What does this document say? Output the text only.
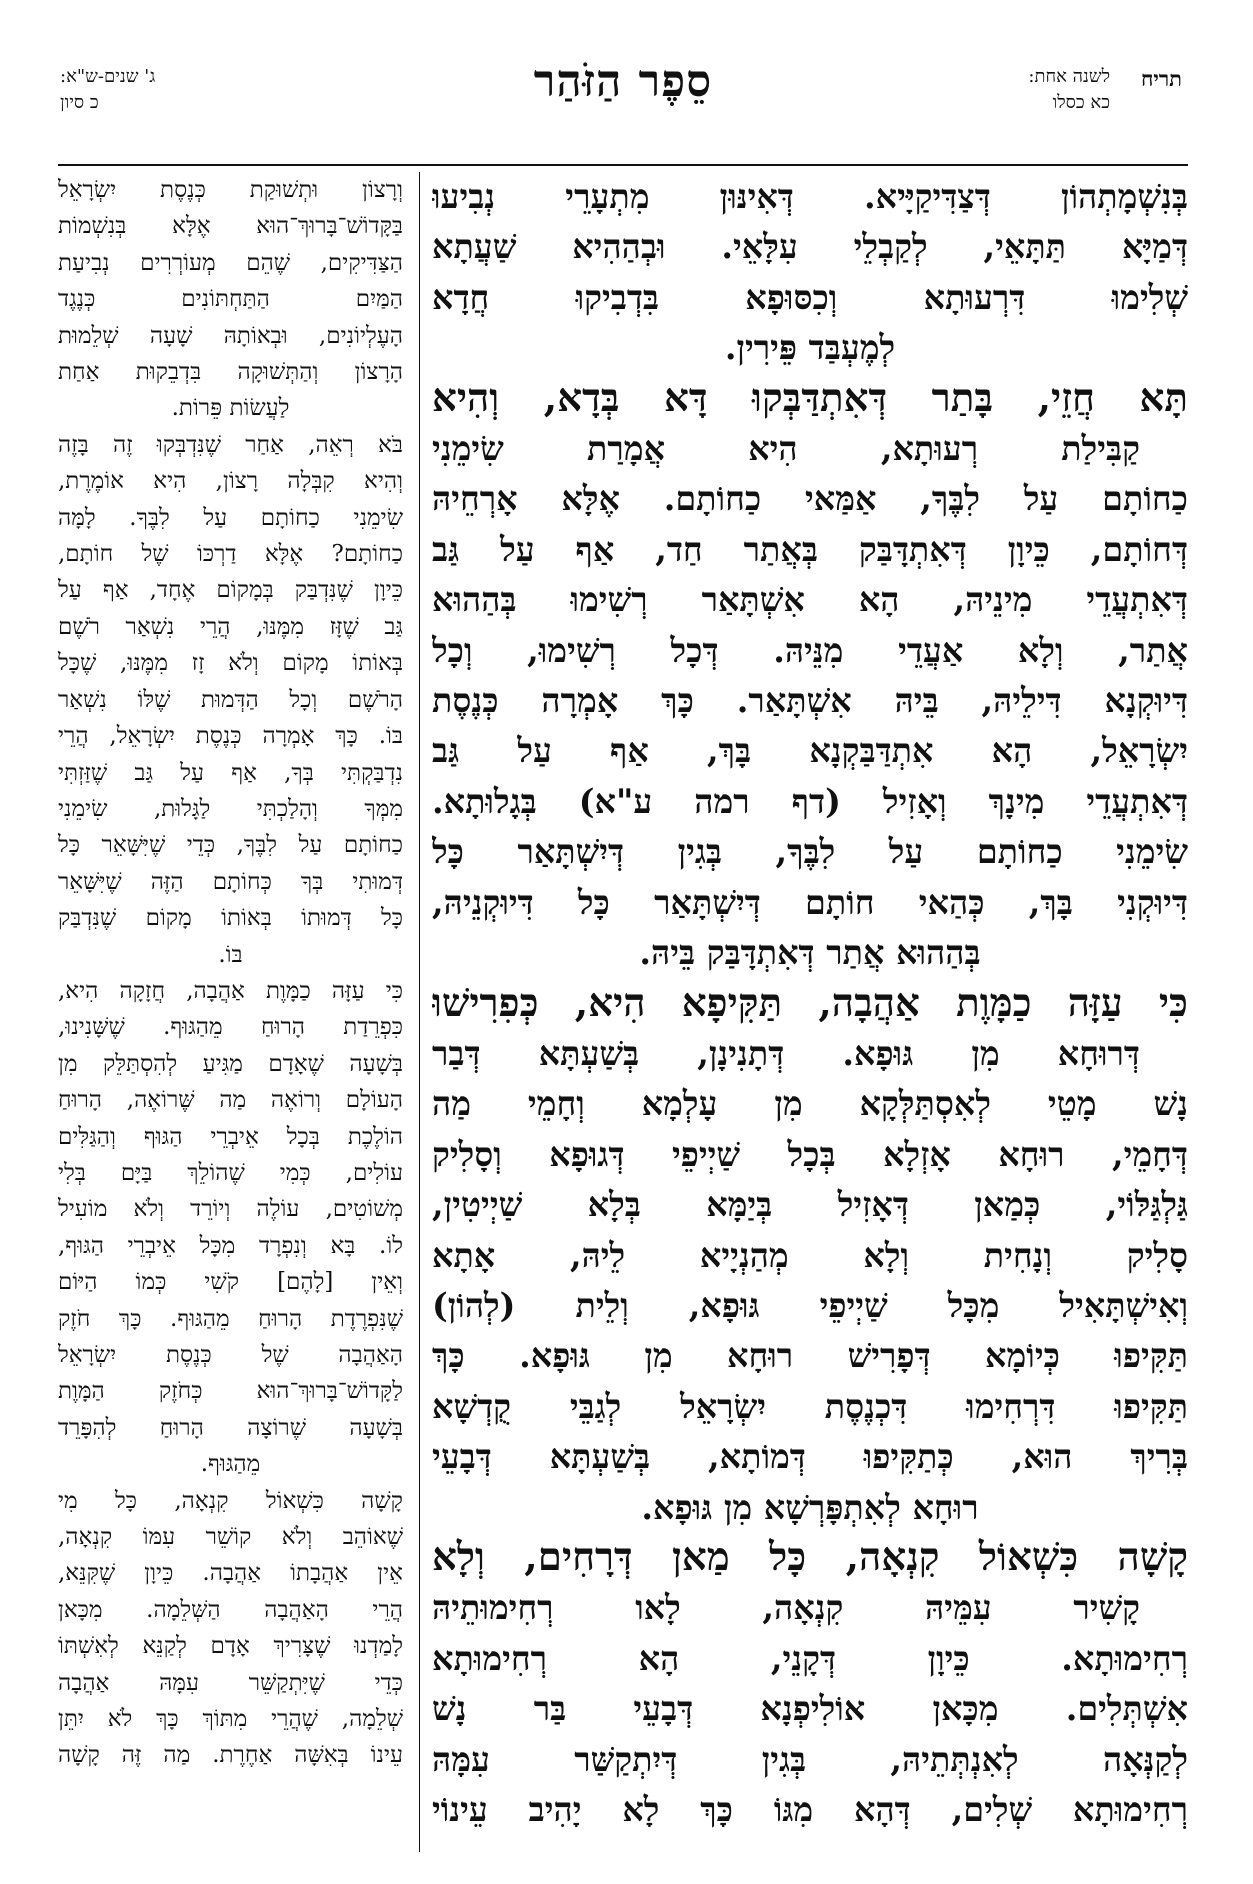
תריח
לשנה אחת:
כא כסלו
סֵפֶר הַזֹּהַר
ג' שנים-ש"א:
כ סיון
בְּנִשְׁמָתְהוֹן דְּצַדִּיקַיָּיא. דְּאִינּוּן מִתְעָרֵי נְבִיעוּ
דְּמַיָּא תַּתָּאֵי, לְקַבְלֵי עִלָּאֵי. וּבְהַהִיא שַׁעֲתָא
שְׁלִימוּ דִּרְעוּתָא וְכִסּוּפָא בִּדְבִיקוּ חֲדָא
לְמֶעְבַּד פֵּירִין.
תָּא חֲזֵי, בָּתַר דְּאִתְדַּבְּקוּ דָּא בְּדָא, וְהִיא
קַבִּילַת רְעוּתָא, הִיא אֲמָרַת שִׂימֵנִי
כַחוֹתָם עַל לִבֶּךָ, אַמַּאי כַחוֹתָם. אֶלָּא אָרְחֵיהּ
דְּחוֹתָם, כֵּיוָן דְּאִתְדָּבַּק בְּאֲתַר חַד, אַף עַל גַּב
דְּאִתְעֲדֵי מִינֵיהּ, הָא אִשְׁתָּאַר רְשִׁימוּ בְּהַהוּא
אֲתַר, וְלָא אַעֲדֵי מִנֵּיהּ. דְּכָל רְשִׁימוּ, וְכָל
דִּיוּקְנָא דִּילֵיהּ, בֵּיהּ אִשְׁתָּאַר. כָּךְ אָמְרָה כְּנֶסֶת
יִשְׂרָאֵל, הָא אִתְדַּבַּקְנָא בָּךְ, אַף עַל גַּב
דְּאִתְעֲדֵי מִינָךְ וְאָזִיל (דף רמה ע"א) בְּגָלוּתָא.
שִׂימֵנִי כַחוֹתָם עַל לִבֶּךָ, בְּגִין דְּיִשְׁתָּאַר כָּל
דִּיוּקְנִי בָּךְ, כְּהַאי חוֹתָם דְּיִשְׁתָּאַר כָּל דִּיוּקְנֵיהּ,
בְּהַהוּא אֲתַר דְּאִתְדָּבַּק בֵּיהּ.
כִּי עַזָּה כַמָּוֶת אַהֲבָה, תַּקִּיפָא הִיא, כְּפִרִישׁוּ
דְּרוּחָא מִן גּוּפָא. דְּתָנִינָן, בְּשַׁעְתָּא דְּבַר
נָשׁ מָטֵי לְאִסְתַּלְּקָא מִן עָלְמָא וְחָמֵי מַה
דְּחָמֵי, רוּחָא אָזְלָא בְּכָל שַׁיְיפֵי דְּגוּפָא וְסָלִיק
גַּלְגַּלּוֹי, כְּמַאן דְּאָזִיל בְּיַמָּא בְּלָא שַׁיְיטִין,
סָלִיק וְנָחִית וְלָא מְהַנְיָיא לֵיהּ, אָתָא
וְאִישְׁתָּאִיל מִכָּל שַׁיְיפֵי גּוּפָא, וְלֵית (לְהוֹן)
תַּקִּיפוּ כְּיוֹמָא דְּפָרִישׁ רוּחָא מִן גּוּפָא. כָּךְ
תַּקִּיפוּ דִּרְחִימוּ דִּכְנֶסֶת יִשְׂרָאֵל לְגַבֵּי קֻדְשָׁא
בְּרִיךְ הוּא, כְּתַקִּיפוּ דְּמוֹתָא, בְּשַׁעְתָּא דְּבָעֵי
רוּחָא לְאִתְפָּרְשָׁא מִן גּוּפָא.
קָשָׁה כִּשְׁאוֹל קִנְאָה, כָּל מַאן דְּרָחִים, וְלָא
קָשִׁיר עִמֵּיהּ קִנְאָה, לָאו רְחִימוּתֵיהּ
רְחִימוּתָא. כֵּיוָן דְּקָנֵי, הָא רְחִימוּתָא
אִשְׁתְּלִים. מִכָּאן אוֹלִיפְנָא דְּבָעֵי בַּר נָשׁ
לְקַנְּאָה לְאִנְתְּתֵיהּ, בְּגִין דְּיִתְקַשַּׁר עִמָּהּ
רְחִימוּתָא שְׁלִים, דְּהָא מִגּוֹ כָּךְ לָא יָהִיב עֵינוֹי
וְרָצוֹן וּתְשׁוּקַת כְּנֶסֶת יִשְׂרָאֵל
בַּקָּדוֹשׁ־בָּרוּךְ־הוּא אֶלָּא בְּנִשְׁמוֹת
הַצַּדִּיקִים, שֶׁהֵם מְעוֹרְרִים נְבִיעַת
הַמַּיִם הַתַּחְתּוֹנִים כְּנֶגֶד
הָעֶלְיוֹנִים, וּבְאוֹתָהּ שָׁעָה שְׁלֵמוּת
הָרָצוֹן וְהַתְּשׁוּקָה בִּדְבֵקוּת אַחַת
לַעֲשׂוֹת פֵּרוֹת.
בֹּא רְאֵה, אַחַר שֶׁנִּדְבְּקוּ זֶה בָּזֶה
וְהִיא קִבְּלָה רָצוֹן, הִיא אוֹמֶרֶת,
שִׂימֵנִי כַחוֹתָם עַל לִבֶּךָ. לָמָּה
כַחוֹתָם? אֶלָּא דַרְכּוֹ שֶׁל חוֹתָם,
כֵּיוָן שֶׁנִּדְבַּק בְּמָקוֹם אֶחָד, אַף עַל
גַּב שֶׁזָּז מִמֶּנּוּ, הֲרֵי נִשְׁאַר רֹשֶׁם
בְּאוֹתוֹ מָקוֹם וְלֹא זָז מִמֶּנּוּ, שֶׁכָּל
הָרֹשֶׁם וְכָל הַדְּמוּת שֶׁלּוֹ נִשְׁאַר
בּוֹ. כָּךְ אָמְרָה כְּנֶסֶת יִשְׂרָאֵל, הֲרֵי
נִדְבַּקְתִּי בְּךָ, אַף עַל גַּב שֶׁזַּזְתִּי
מִמְּךָ וְהָלַכְתִּי לַגָּלוּת, שִׂימֵנִי
כַחוֹתָם עַל לִבֶּךָ, כְּדֵי שֶׁיִּשָּׁאֵר כָּל
דְּמוּתִי בְּךָ כְּחוֹתָם הַזֶּה שֶׁיִּשָּׁאֵר
כָּל דְּמוּתוֹ בְּאוֹתוֹ מָקוֹם שֶׁנִּדְבַּק
בּוֹ.
כִּי עַזָּה כַמָּוֶת אַהֲבָה, חֲזָקָה הִיא,
כִּפְרֵדַת הָרוּחַ מֵהַגּוּף. שֶׁשָּׁנִינוּ,
בְּשָׁעָה שֶׁאָדָם מַגִּיעַ לְהִסְתַּלֵּק מִן
הָעוֹלָם וְרוֹאֶה מַה שֶּׁרוֹאֶה, הָרוּחַ
הוֹלֶכֶת בְּכָל אֵיבְרֵי הַגּוּף וְהַגַּלִּים
עוֹלִים, כְּמִי שֶׁהוֹלֵךְ בַּיָּם בְּלִי
מְשׁוֹטִים, עוֹלֶה וְיוֹרֵד וְלֹא מוֹעִיל
לוֹ. בָּא וְנִפְרָד מִכָּל אֵיבְרֵי הַגּוּף,
וְאֵין [לָהֶם] קֹשִׁי כְּמוֹ הַיּוֹם
שֶׁנִּפְרֶדֶת הָרוּחַ מֵהַגּוּף. כָּךְ חֹזֶק
הָאַהֲבָה שֶׁל כְּנֶסֶת יִשְׂרָאֵל
לַקָּדוֹשׁ־בָּרוּךְ־הוּא כְּחֹזֶק הַמָּוֶת
בְּשָׁעָה שֶׁרוֹצָה הָרוּחַ לְהִפָּרֵד
מֵהַגּוּף.
קָשָׁה כִּשְׁאוֹל קִנְאָה, כָּל מִי
שֶׁאוֹהֵב וְלֹא קוֹשֵׁר עִמּוֹ קִנְאָה,
אֵין אַהֲבָתוֹ אַהֲבָה. כֵּיוָן שֶׁקִּנֵּא,
הֲרֵי הָאַהֲבָה הַשְּׁלֵמָה. מִכָּאן
לָמַדְנוּ שֶׁצָּרִיךְ אָדָם לְקַנֵּא לְאִשְׁתּוֹ
כְּדֵי שֶׁיִּתְקַשֵּׁר עִמָּהּ אַהֲבָה
שְׁלֵמָה, שֶׁהֲרֵי מִתּוֹךְ כָּךְ לֹא יִתֵּן
עֵינוֹ בְּאִשָּׁה אַחֶרֶת. מַה זֶּה קָשָׁה
